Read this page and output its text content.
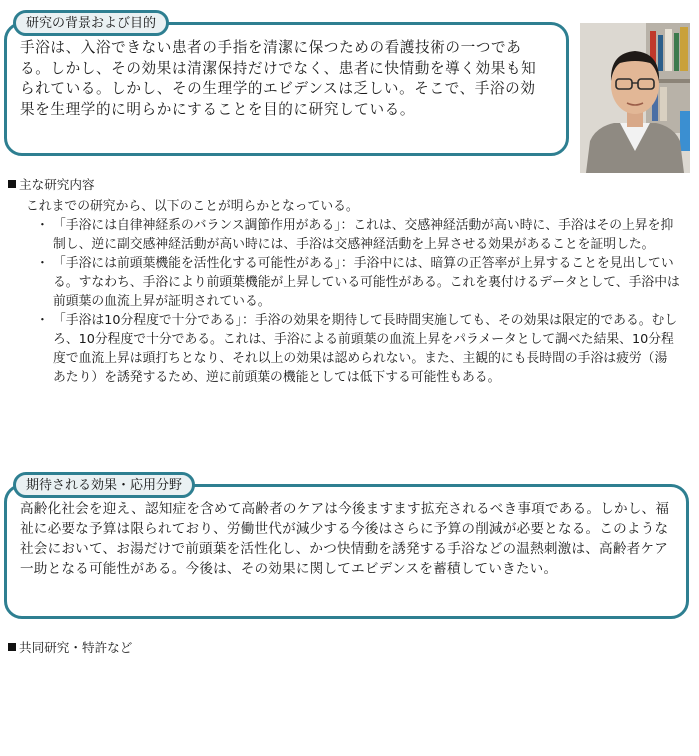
研究の背景および目的
手浴は、入浴できない患者の手指を清潔に保つための看護技術の一つである。しかし、その効果は清潔保持だけでなく、患者に快情動を導く効果も知られている。しかし、その生理学的エビデンスは乏しい。そこで、手浴の効果を生理学的に明らかにすることを目的に研究している。
主な研究内容
これまでの研究から、以下のことが明らかとなっている。
・ 「手浴には自律神経系のバランス調節作用がある」：これは、交感神経活動が高い時に、手浴はその上昇を抑制し、逆に副交感神経活動が高い時には、手浴は交感神経活動を上昇させる効果があることを証明した。
・ 「手浴には前頭葉機能を活性化する可能性がある」：手浴中には、暗算の正答率が上昇することを見出している。すなわち、手浴により前頭葉機能が上昇している可能性がある。これを裏付けるデータとして、手浴中は前頭葉の血流上昇が証明されている。
・ 「手浴は10分程度で十分である」：手浴の効果を期待して長時間実施しても、その効果は限定的である。むしろ、10分程度で十分である。これは、手浴による前頭葉の血流上昇をパラメータとして調べた結果、10分程度で血流上昇は頭打ちとなり、それ以上の効果は認められない。また、主観的にも長時間の手浴は疲労（湯あたり）を誘発するため、逆に前頭葉の機能としては低下する可能性もある。
期待される効果・応用分野
高齢化社会を迎え、認知症を含めて高齢者のケアは今後ますます拡充されるべき事項である。しかし、福祉に必要な予算は限られており、労働世代が減少する今後はさらに予算の削減が必要となる。このような社会において、お湯だけで前頭葉を活性化し、かつ快情動を誘発する手浴などの温熱刺激は、高齢者ケア一助となる可能性がある。今後は、その効果に関してエビデンスを蓄積していきたい。
共同研究・特許など
